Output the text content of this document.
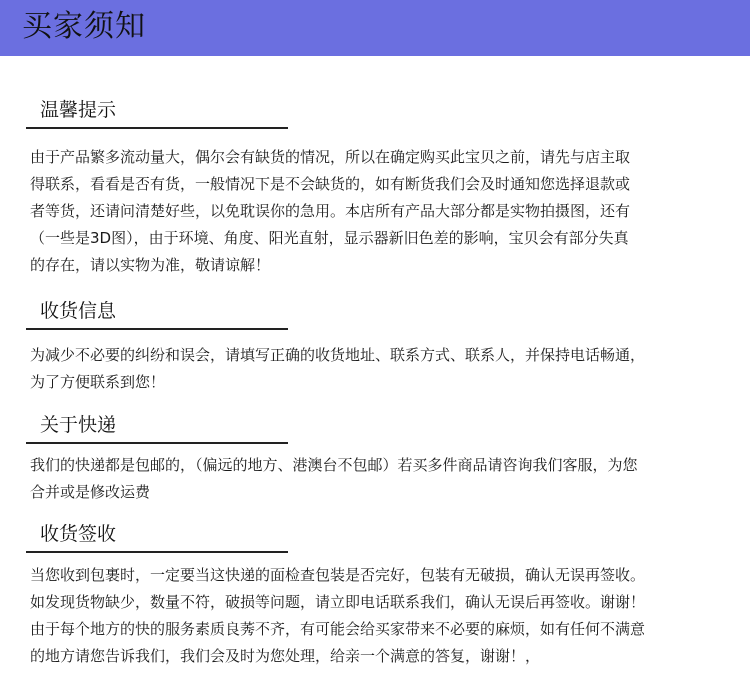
买家须知
温馨提示

由于产品繁多流动量大，偶尔会有缺货的情况，所以在确定购买此宝贝之前，请先与店主取

得联系，看看是否有货，一般情况下是不会缺货的，如有断货我们会及时通知您选择退款或

者等货，还请问清楚好些，以免耽误你的急用。本店所有产品大部分都是实物拍摄图，还有

（一些是3D图），由于环境、角度、阳光直射，显示器新旧色差的影响，宝贝会有部分失真

的存在，请以实物为准，敬请谅解！

收货信息

为减少不必要的纠纷和误会，请填写正确的收货地址、联系方式、联系人，并保持电话畅通，

为了方便联系到您！

关于快递

我们的快递都是包邮的，（偏远的地方、港澳台不包邮）若买多件商品请咨询我们客服，为您

合并或是修改运费

收货签收

当您收到包裹时，一定要当这快递的面检查包装是否完好，包装有无破损，确认无误再签收。

如发现货物缺少，数量不符，破损等问题，请立即电话联系我们，确认无误后再签收。谢谢！

由于每个地方的快的服务素质良莠不齐，有可能会给买家带来不必要的麻烦，如有任何不满意

的地方请您告诉我们，我们会及时为您处理，给亲一个满意的答复，谢谢！，
